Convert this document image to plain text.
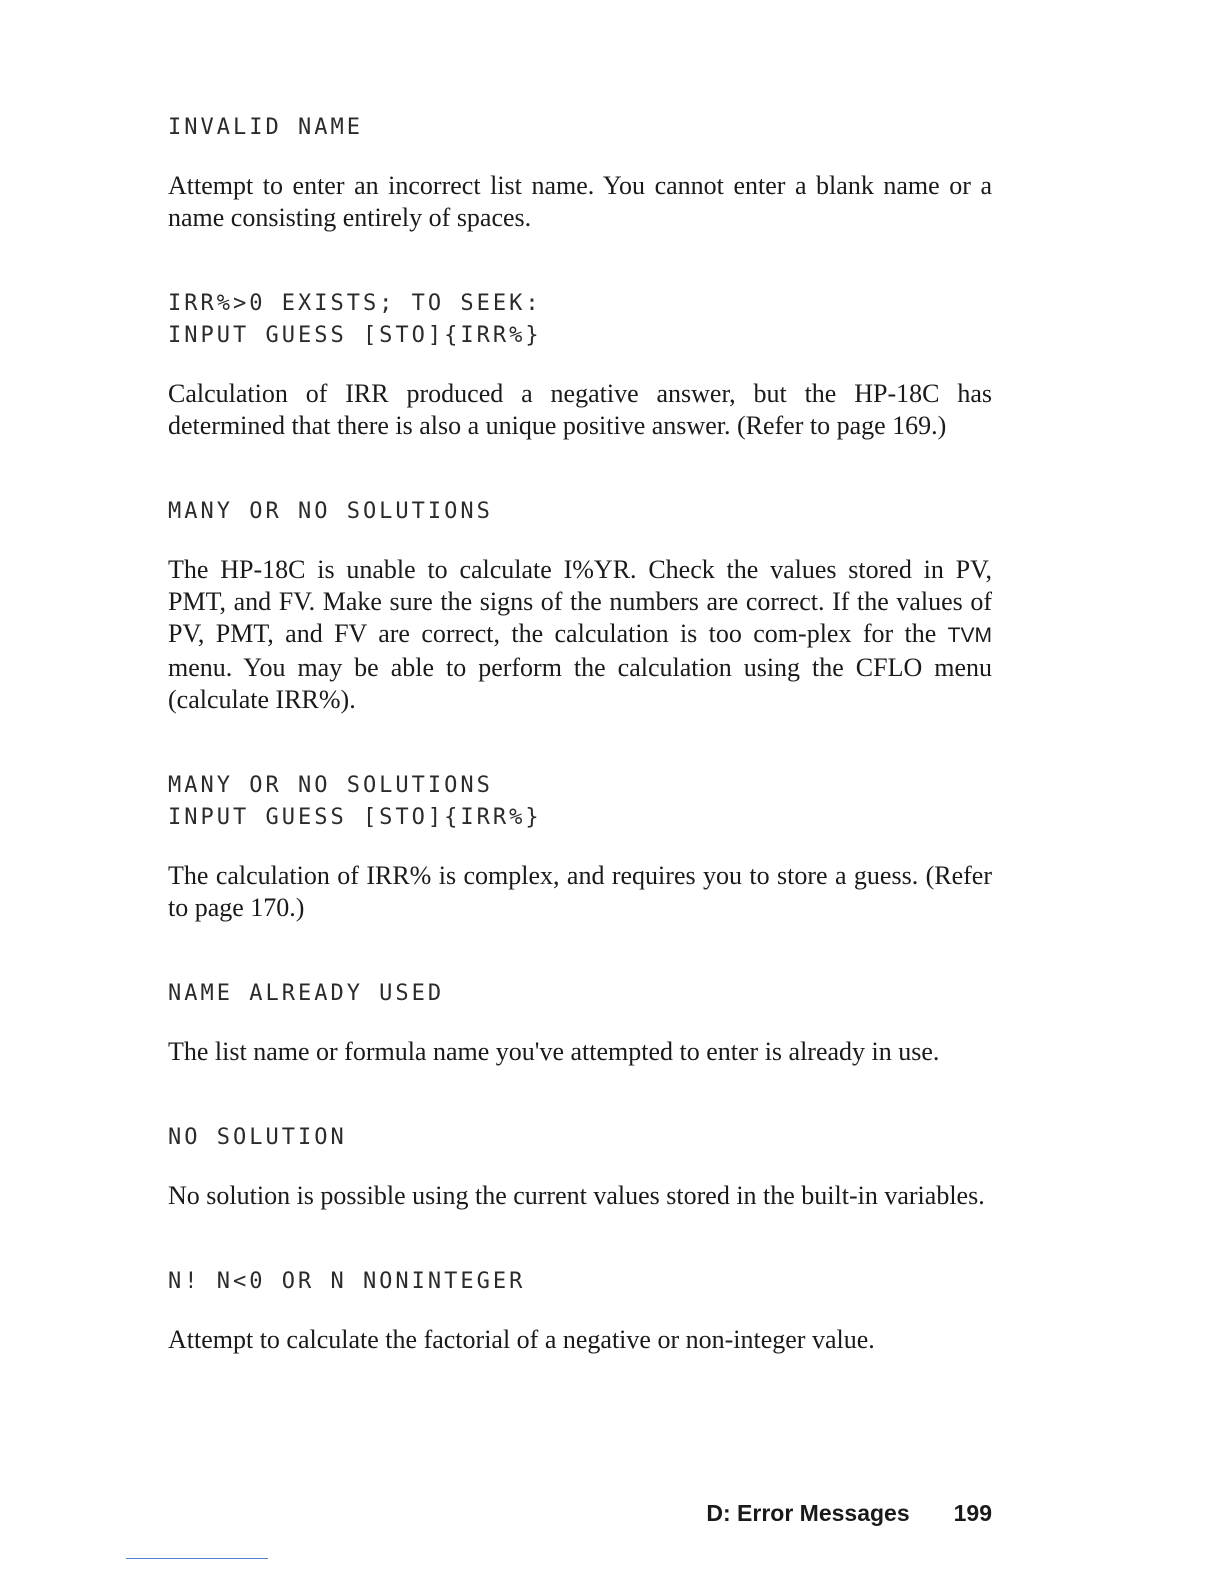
INVALID NAME

Attempt to enter an incorrect list name. You cannot enter a blank name or a name consisting entirely of spaces.

IRR%>0 EXISTS; TO SEEK:

INPUT GUESS [STO]{IRR%}

Calculation of IRR produced a negative answer, but the HP-18C has determined that there is also a unique positive answer. (Refer to page 169.)

MANY OR NO SOLUTIONS

The HP-18C is unable to calculate I%YR. Check the values stored in PV, PMT, and FV. Make sure the signs of the numbers are correct. If the values of PV, PMT, and FV are correct, the calculation is too com-plex for the TVM menu. You may be able to perform the calculation using the CFLO menu (calculate IRR%).

MANY OR NO SOLUTIONS

INPUT GUESS [STO]{IRR%}

The calculation of IRR% is complex, and requires you to store a guess. (Refer to page 170.)

NAME ALREADY USED

The list name or formula name you've attempted to enter is already in use.

NO SOLUTION

No solution is possible using the current values stored in the built-in variables.

N! N<0 OR N NONINTEGER

Attempt to calculate the factorial of a negative or non-integer value.

D: Error Messages 199
